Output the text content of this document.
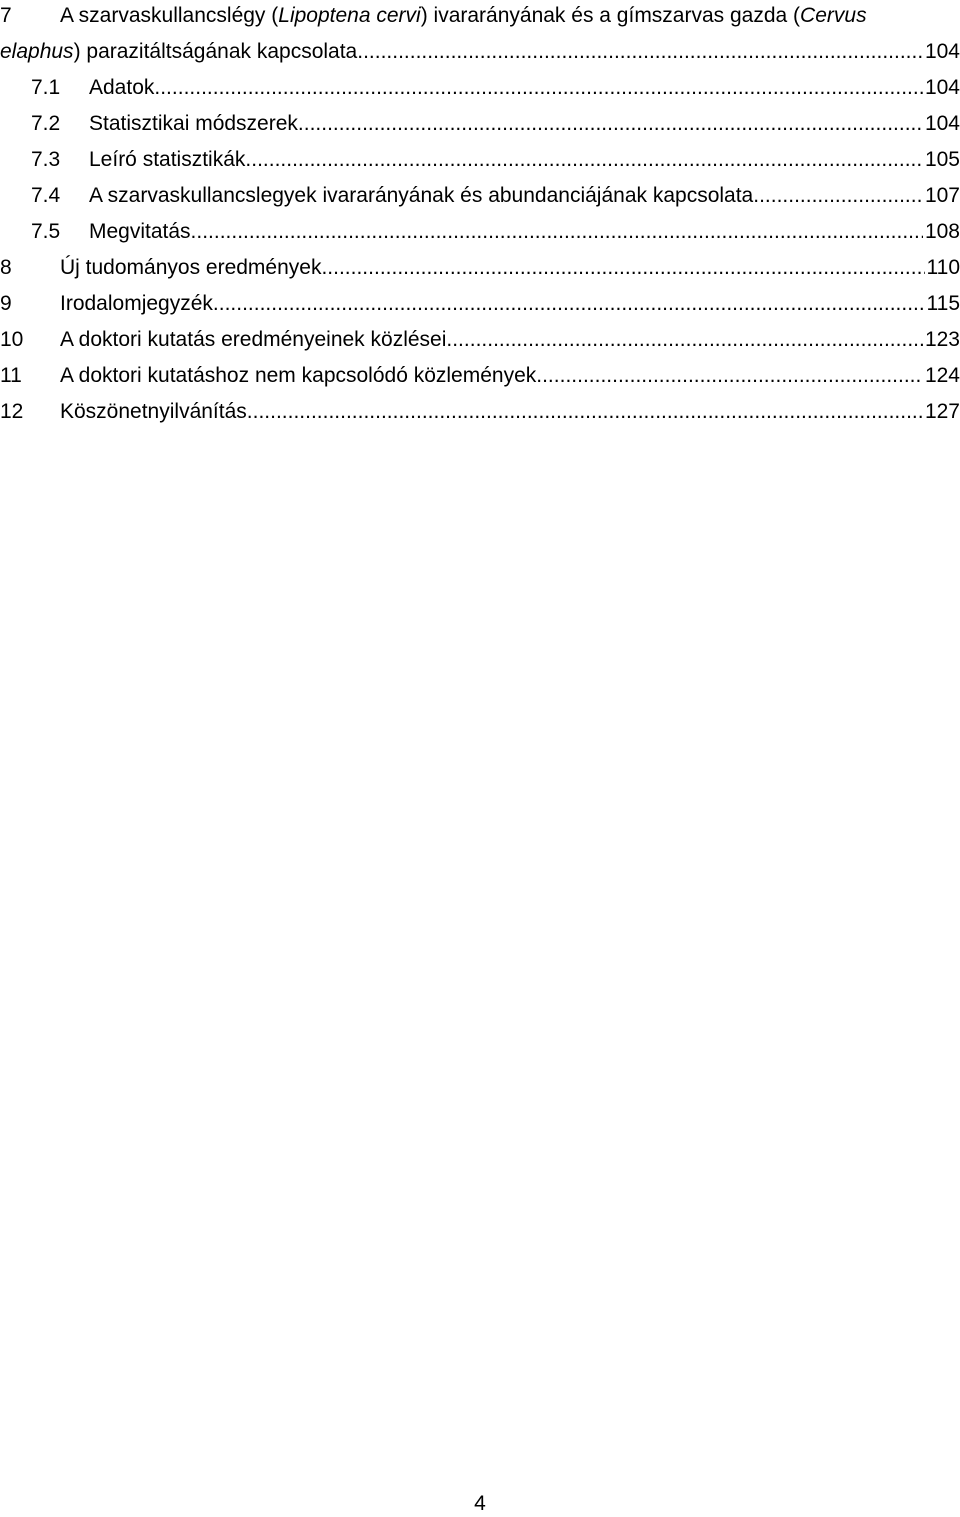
7 A szarvaskullancslégy (Lipoptena cervi) ivararányának és a gímszarvas gazda (Cervus
elaphus) parazitáltságának kapcsolata .....	104
7.1 Adatok .....	104
7.2 Statisztikai módszerek .....	104
7.3 Leíró statisztikák .....	105
7.4 A szarvaskullancslegyek ivararányának és abundanciájának kapcsolata .....	107
7.5 Megvitatás .....	108
8 Új tudományos eredmények .....	110
9 Irodalomjegyzék .....	115
10 A doktori kutatás eredményeinek közlései .....	123
11 A doktori kutatáshoz nem kapcsolódó közlemények .....	124
12 Köszönetnyilvánítás .....	127
4
